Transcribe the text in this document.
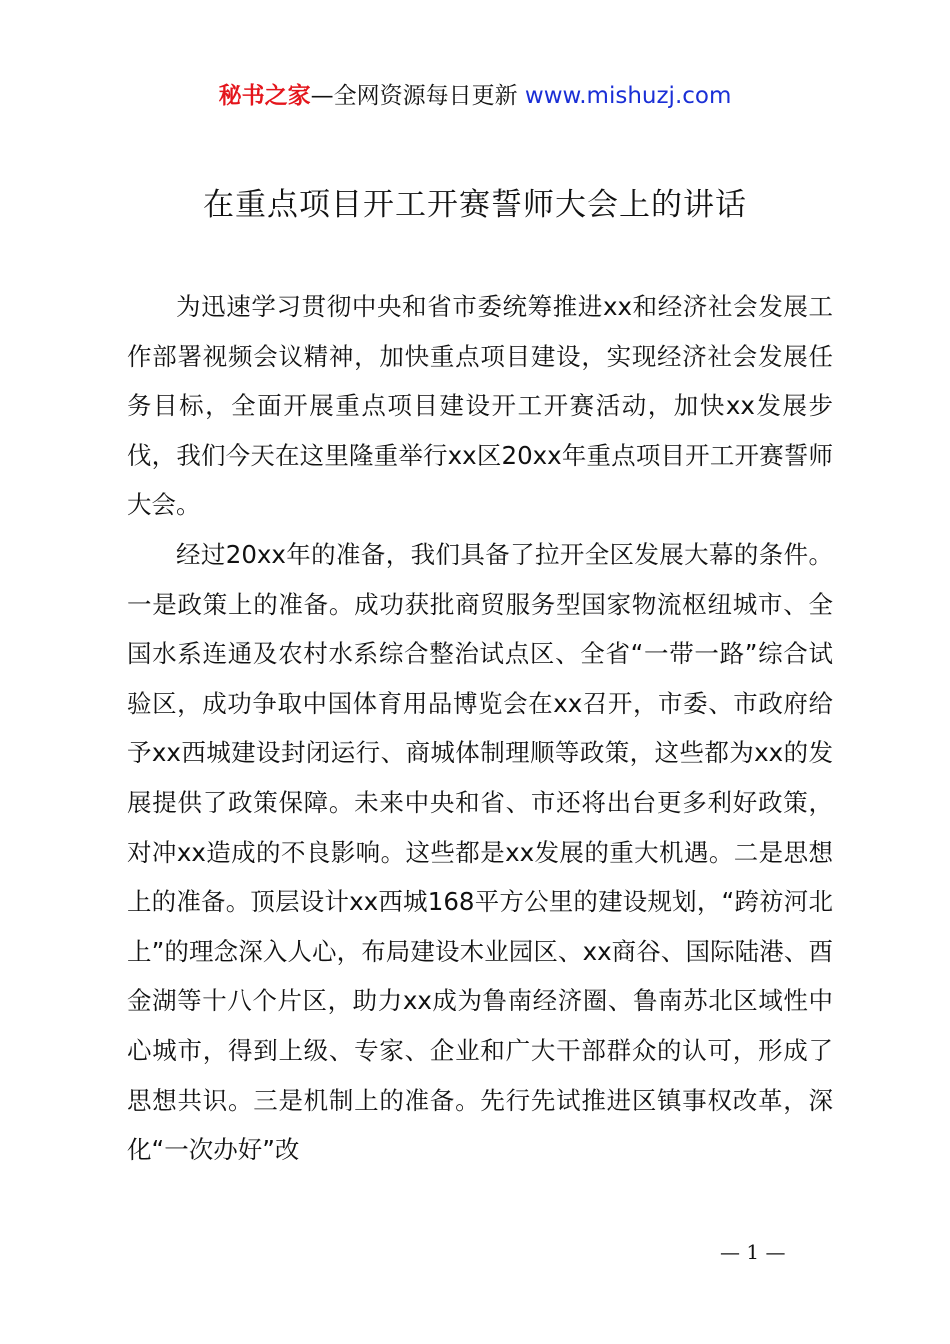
秘书之家—全网资源每日更新 www.mishuzj.com
在重点项目开工开赛誓师大会上的讲话

为迅速学习贯彻中央和省市委统筹推进xx和经济社会发展工作部署视频会议精神，加快重点项目建设，实现经济社会发展任务目标，全面开展重点项目建设开工开赛活动，加快xx发展步伐，我们今天在这里隆重举行xx区20xx年重点项目开工开赛誓师大会。

经过20xx年的准备，我们具备了拉开全区发展大幕的条件。一是政策上的准备。成功获批商贸服务型国家物流枢纽城市、全国水系连通及农村水系综合整治试点区、全省“一带一路”综合试验区，成功争取中国体育用品博览会在xx召开，市委、市政府给予xx西城建设封闭运行、商城体制理顺等政策，这些都为xx的发展提供了政策保障。未来中央和省、市还将出台更多利好政策，对冲xx造成的不良影响。这些都是xx发展的重大机遇。二是思想上的准备。顶层设计xx西城168平方公里的建设规划，“跨祊河北上”的理念深入人心，布局建设木业园区、xx商谷、国际陆港、酉金湖等十八个片区，助力xx成为鲁南经济圈、鲁南苏北区域性中心城市，得到上级、专家、企业和广大干部群众的认可，形成了思想共识。三是机制上的准备。先行先试推进区镇事权改革，深化“一次办好”改

— 1 —
